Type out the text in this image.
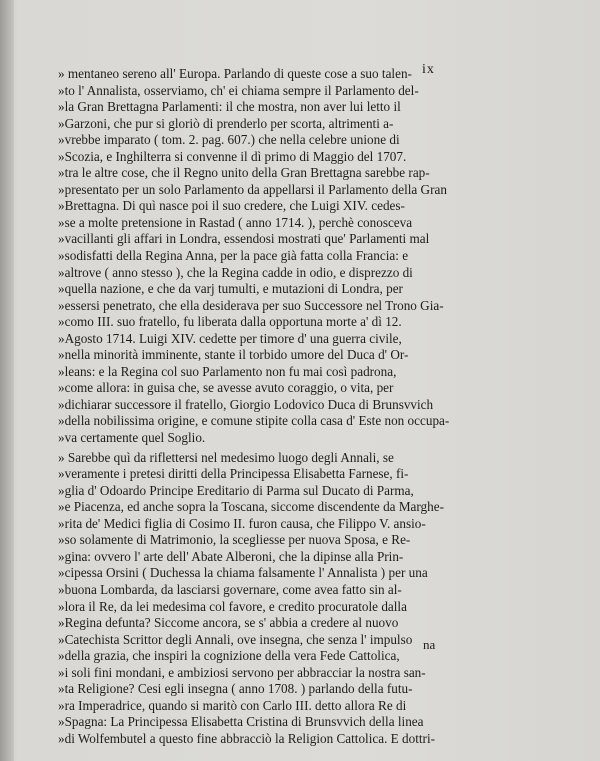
ix
» mentaneo sereno all' Europa. Parlando di queste cose a suo talen-
»to l' Annalista, osserviamo, ch' ei chiama sempre il Parlamento del-
»la Gran Brettagna Parlamenti: il che mostra, non aver lui letto il
»Garzoni, che pur si gloriò di prenderlo per scorta, altrimenti a-
»vrebbe imparato ( tom. 2. pag. 607.) che nella celebre unione di
»Scozia, e Inghilterra si convenne il dì primo di Maggio del 1707.
»tra le altre cose, che il Regno unito della Gran Brettagna sarebbe rap-
»presentato per un solo Parlamento da appellarsi il Parlamento della Gran
»Brettagna. Di quì nasce poi il suo credere, che Luigi XIV. cedes-
»se a molte pretensione in Rastad ( anno 1714. ), perchè conosceva
»vacillanti gli affari in Londra, essendosi mostrati que' Parlamenti mal
»sodisfatti della Regina Anna, per la pace già fatta colla Francia: e
»altrove ( anno stesso ), che la Regina cadde in odio, e disprezzo di
»quella nazione, e che da varj tumulti, e mutazioni di Londra, per
»essersi penetrato, che ella desiderava per suo Successore nel Trono Gia-
»como III. suo fratello, fu liberata dalla opportuna morte a' dì 12.
»Agosto 1714. Luigi XIV. cedette per timore d' una guerra civile,
»nella minorità imminente, stante il torbido umore del Duca d' Or-
»leans: e la Regina col suo Parlamento non fu mai così padrona,
»come allora: in guisa che, se avesse avuto coraggio, o vita, per
»dichiarar successore il fratello, Giorgio Lodovico Duca di Brunsvvich
»della nobilissima origine, e comune stipite colla casa d' Este non occupa-
»va certamente quel Soglio.
» Sarebbe quì da riflettersi nel medesimo luogo degli Annali, se
»veramente i pretesi diritti della Principessa Elisabetta Farnese, fi-
»glia d' Odoardo Principe Ereditario di Parma sul Ducato di Parma,
»e Piacenza, ed anche sopra la Toscana, siccome discendente da Marghe-
»rita de' Medici figlia di Cosimo II. furon causa, che Filippo V. ansio-
»so solamente di Matrimonio, la scegliesse per nuova Sposa, e Re-
»gina: ovvero l' arte dell' Abate Alberoni, che la dipinse alla Prin-
»cipessa Orsini ( Duchessa la chiama falsamente l' Annalista ) per una
»buona Lombarda, da lasciarsi governare, come avea fatto sin al-
»lora il Re, da lei medesima col favore, e credito procuratole dalla
»Regina defunta? Siccome ancora, se s' abbia a credere al nuovo
»Catechista Scrittor degli Annali, ove insegna, che senza l' impulso
»della grazia, che inspiri la cognizione della vera Fede Cattolica,
»i soli fini mondani, e ambiziosi servono per abbracciar la nostra san-
»ta Religione? Cesi egli insegna ( anno 1708. ) parlando della futu-
»ra Imperadrice, quando si maritò con Carlo III. detto allora Re di
»Spagna: La Principessa Elisabetta Cristina di Brunsvvich della linea
»di Wolfembutel a questo fine abbracciò la Religion Cattolica. E dottri-
na
